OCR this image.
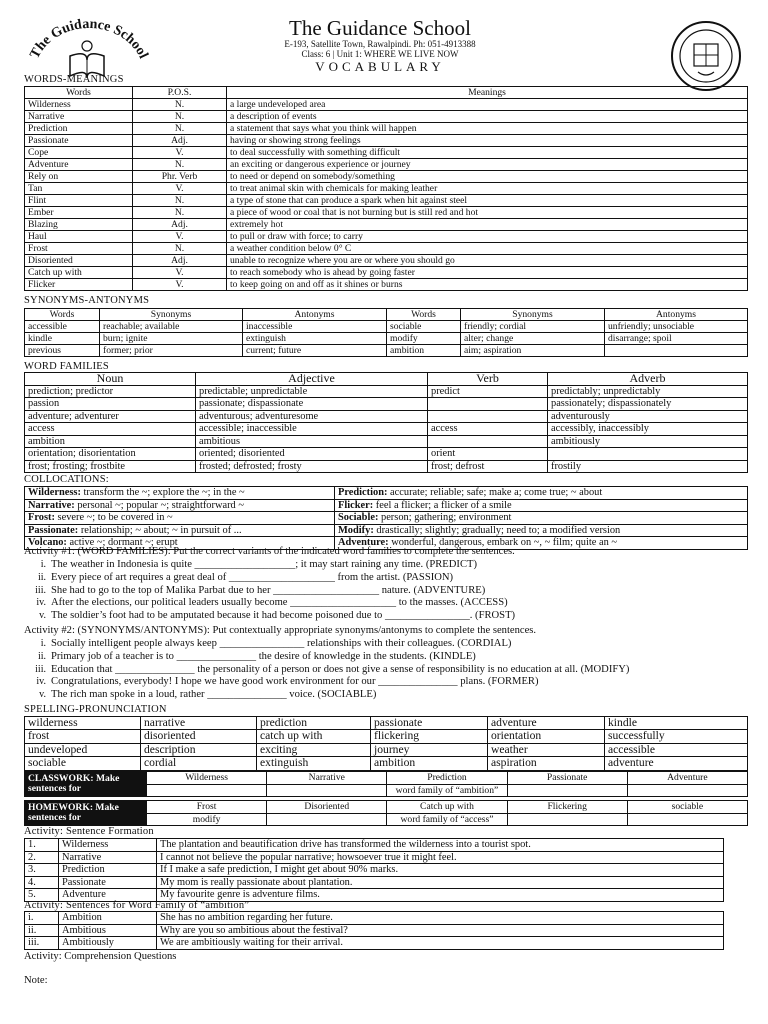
The Guidance School
The Guidance School
E-193, Satellite Town, Rawalpindi. Ph: 051-4913388
Class: 6 | Unit 1: WHERE WE LIVE NOW
VOCABULARY
WORDS-MEANINGS
Words	P.O.S.	Meanings
Wilderness	N.	a large undeveloped area
Narrative	N.	a description of events
Prediction	N.	a statement that says what you think will happen
Passionate	Adj.	having or showing strong feelings
Cope	V.	to deal successfully with something difficult
Adventure	N.	an exciting or dangerous experience or journey
Rely on	Phr. Verb	to need or depend on somebody/something
Tan	V.	to treat animal skin with chemicals for making leather
Flint	N.	a type of stone that can produce a spark when hit against steel
Ember	N.	a piece of wood or coal that is not burning but is still red and hot
Blazing	Adj.	extremely hot
Haul	V.	to pull or draw with force; to carry
Frost	N.	a weather condition below 0° C
Disoriented	Adj.	unable to recognize where you are or where you should go
Catch up with	V.	to reach somebody who is ahead by going faster
Flicker	V.	to keep going on and off as it shines or burns
SYNONYMS-ANTONYMS
Words	Synonyms	Antonyms	Words	Synonyms	Antonyms
accessible	reachable; available	inaccessible	sociable	friendly; cordial	unfriendly; unsociable
kindle	burn; ignite	extinguish	modify	alter; change	disarrange; spoil
previous	former; prior	current; future	ambition	aim; aspiration	
WORD FAMILIES
Noun	Adjective	Verb	Adverb
prediction; predictor	predictable; unpredictable	predict	predictably; unpredictably
passion	passionate; dispassionate		passionately; dispassionately
adventure; adventurer	adventurous; adventuresome		adventurously
access	accessible; inaccessible	access	accessibly, inaccessibly
ambition	ambitious		ambitiously
orientation; disorientation	oriented; disoriented	orient	
frost; frosting; frostbite	frosted; defrosted; frosty	frost; defrost	frostily
COLLOCATIONS:
Wilderness: transform the ~; explore the ~; in the ~	Prediction: accurate; reliable; safe; make a; come true; ~ about
Narrative: personal ~; popular ~; straightforward ~	Flicker: feel a flicker; a flicker of a smile
Frost: severe ~; to be covered in ~	Sociable: person; gathering; environment
Passionate: relationship; ~ about; ~ in pursuit of ...	Modify: drastically; slightly; gradually; need to; a modified version
Volcano: active ~; dormant ~; erupt	Adventure: wonderful, dangerous, embark on ~, ~ film; quite an ~
Activity #1: (WORD FAMILIES): Put the correct variants of the indicated word families to complete the sentences.
i. The weather in Indonesia is quite ___________________; it may start raining any time. (PREDICT)
ii. Every piece of art requires a great deal of ____________________ from the artist. (PASSION)
iii. She had to go to the top of Malika Parbat due to her ____________________ nature. (ADVENTURE)
iv. After the elections, our political leaders usually become ____________________ to the masses. (ACCESS)
v. The soldier’s foot had to be amputated because it had become poisoned due to ________________. (FROST)
Activity #2: (SYNONYMS/ANTONYMS): Put contextually appropriate synonyms/antonyms to complete the sentences.
i. Socially intelligent people always keep ________________ relationships with their colleagues. (CORDIAL)
ii. Primary job of a teacher is to _______________ the desire of knowledge in the students. (KINDLE)
iii. Education that _______________ the personality of a person or does not give a sense of responsibility is no education at all. (MODIFY)
iv. Congratulations, everybody! I hope we have good work environment for our _______________ plans. (FORMER)
v. The rich man spoke in a loud, rather _______________ voice. (SOCIABLE)
SPELLING-PRONUNCIATION
wilderness	narrative	prediction	passionate	adventure	kindle
frost	disoriented	catch up with	flickering	orientation	successfully
undeveloped	description	exciting	journey	weather	accessible
sociable	cordial	extinguish	ambition	aspiration	adventure
CLASSWORK: Make sentences for	Wilderness	Narrative	Prediction	Passionate	Adventure
			word family of “ambition”		
HOMEWORK: Make sentences for	Frost	Disoriented	Catch up with	Flickering	sociable
	modify		word family of “access”		
Activity: Sentence Formation
1.	Wilderness	The plantation and beautification drive has transformed the wilderness into a tourist spot.
2.	Narrative	I cannot not believe the popular narrative; howsoever true it might feel.
3.	Prediction	If I make a safe prediction, I might get about 90% marks.
4.	Passionate	My mom is really passionate about plantation.
5.	Adventure	My favourite genre is adventure films.
Activity: Sentences for Word Family of “ambition”
i.	Ambition	She has no ambition regarding her future.
ii.	Ambitious	Why are you so ambitious about the festival?
iii.	Ambitiously	We are ambitiously waiting for their arrival.
Activity: Comprehension Questions
Note:
